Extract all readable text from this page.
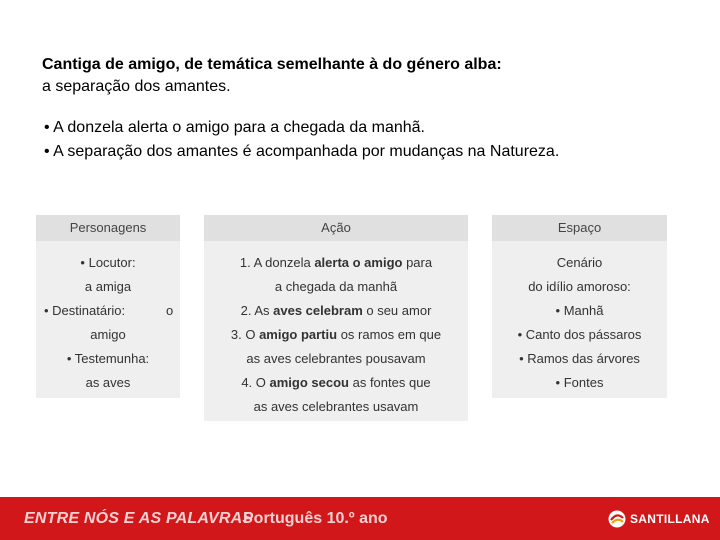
Cantiga de amigo, de temática semelhante à do género alba:
a separação dos amantes.
• A donzela alerta o amigo para a chegada da manhã.
• A separação dos amantes é acompanhada por mudanças na Natureza.
Personagens
• Locutor:
a amiga
• Destinatário:	o
amigo
• Testemunha:
as aves
Ação
1. A donzela alerta o amigo para
a chegada da manhã
2. As aves celebram o seu amor
3. O amigo partiu os ramos em que
as aves celebrantes pousavam
4. O amigo secou as fontes que
as aves celebrantes usavam
Espaço
Cenário
do idílio amoroso:
• Manhã
• Canto dos pássaros
• Ramos das árvores
• Fontes
ENTRE NÓS E AS PALAVRAS
Português 10.º ano	SANTILLANA
